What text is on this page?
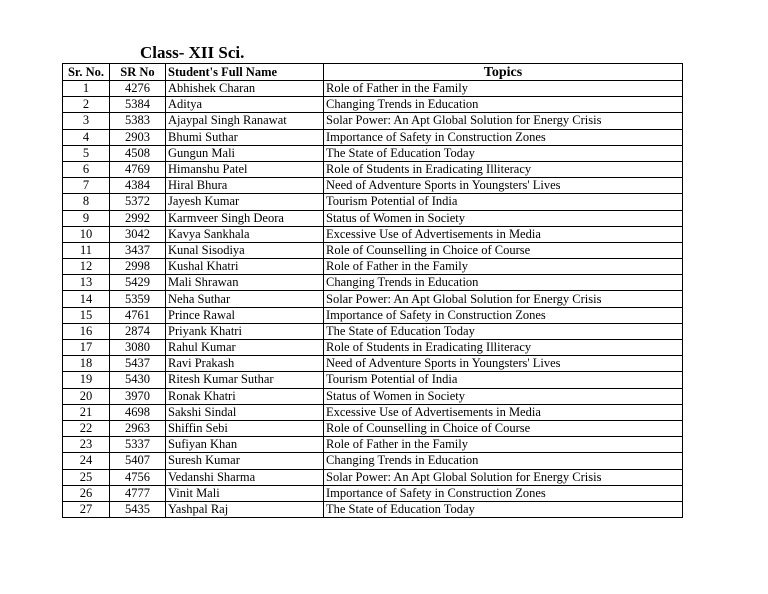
Class- XII Sci.
Sr. No.	SR No	Student's Full Name	Topics
1	4276	Abhishek Charan	Role of Father in the Family
2	5384	Aditya	Changing Trends in Education
3	5383	Ajaypal Singh Ranawat	Solar Power: An Apt Global Solution for Energy Crisis
4	2903	Bhumi Suthar	Importance of Safety in Construction Zones
5	4508	Gungun Mali	The State of Education Today
6	4769	Himanshu Patel	Role of Students in Eradicating Illiteracy
7	4384	Hiral Bhura	Need of Adventure Sports in Youngsters' Lives
8	5372	Jayesh Kumar	Tourism Potential of India
9	2992	Karmveer Singh Deora	Status of Women in Society
10	3042	Kavya Sankhala	Excessive Use of Advertisements in Media
11	3437	Kunal Sisodiya	Role of Counselling in Choice of Course
12	2998	Kushal Khatri	Role of Father in the Family
13	5429	Mali Shrawan	Changing Trends in Education
14	5359	Neha Suthar	Solar Power: An Apt Global Solution for Energy Crisis
15	4761	Prince Rawal	Importance of Safety in Construction Zones
16	2874	Priyank Khatri	The State of Education Today
17	3080	Rahul Kumar	Role of Students in Eradicating Illiteracy
18	5437	Ravi Prakash	Need of Adventure Sports in Youngsters' Lives
19	5430	Ritesh Kumar Suthar	Tourism Potential of India
20	3970	Ronak Khatri	Status of Women in Society
21	4698	Sakshi Sindal	Excessive Use of Advertisements in Media
22	2963	Shiffin Sebi	Role of Counselling in Choice of Course
23	5337	Sufiyan Khan	Role of Father in the Family
24	5407	Suresh Kumar	Changing Trends in Education
25	4756	Vedanshi Sharma	Solar Power: An Apt Global Solution for Energy Crisis
26	4777	Vinit Mali	Importance of Safety in Construction Zones
27	5435	Yashpal Raj	The State of Education Today
